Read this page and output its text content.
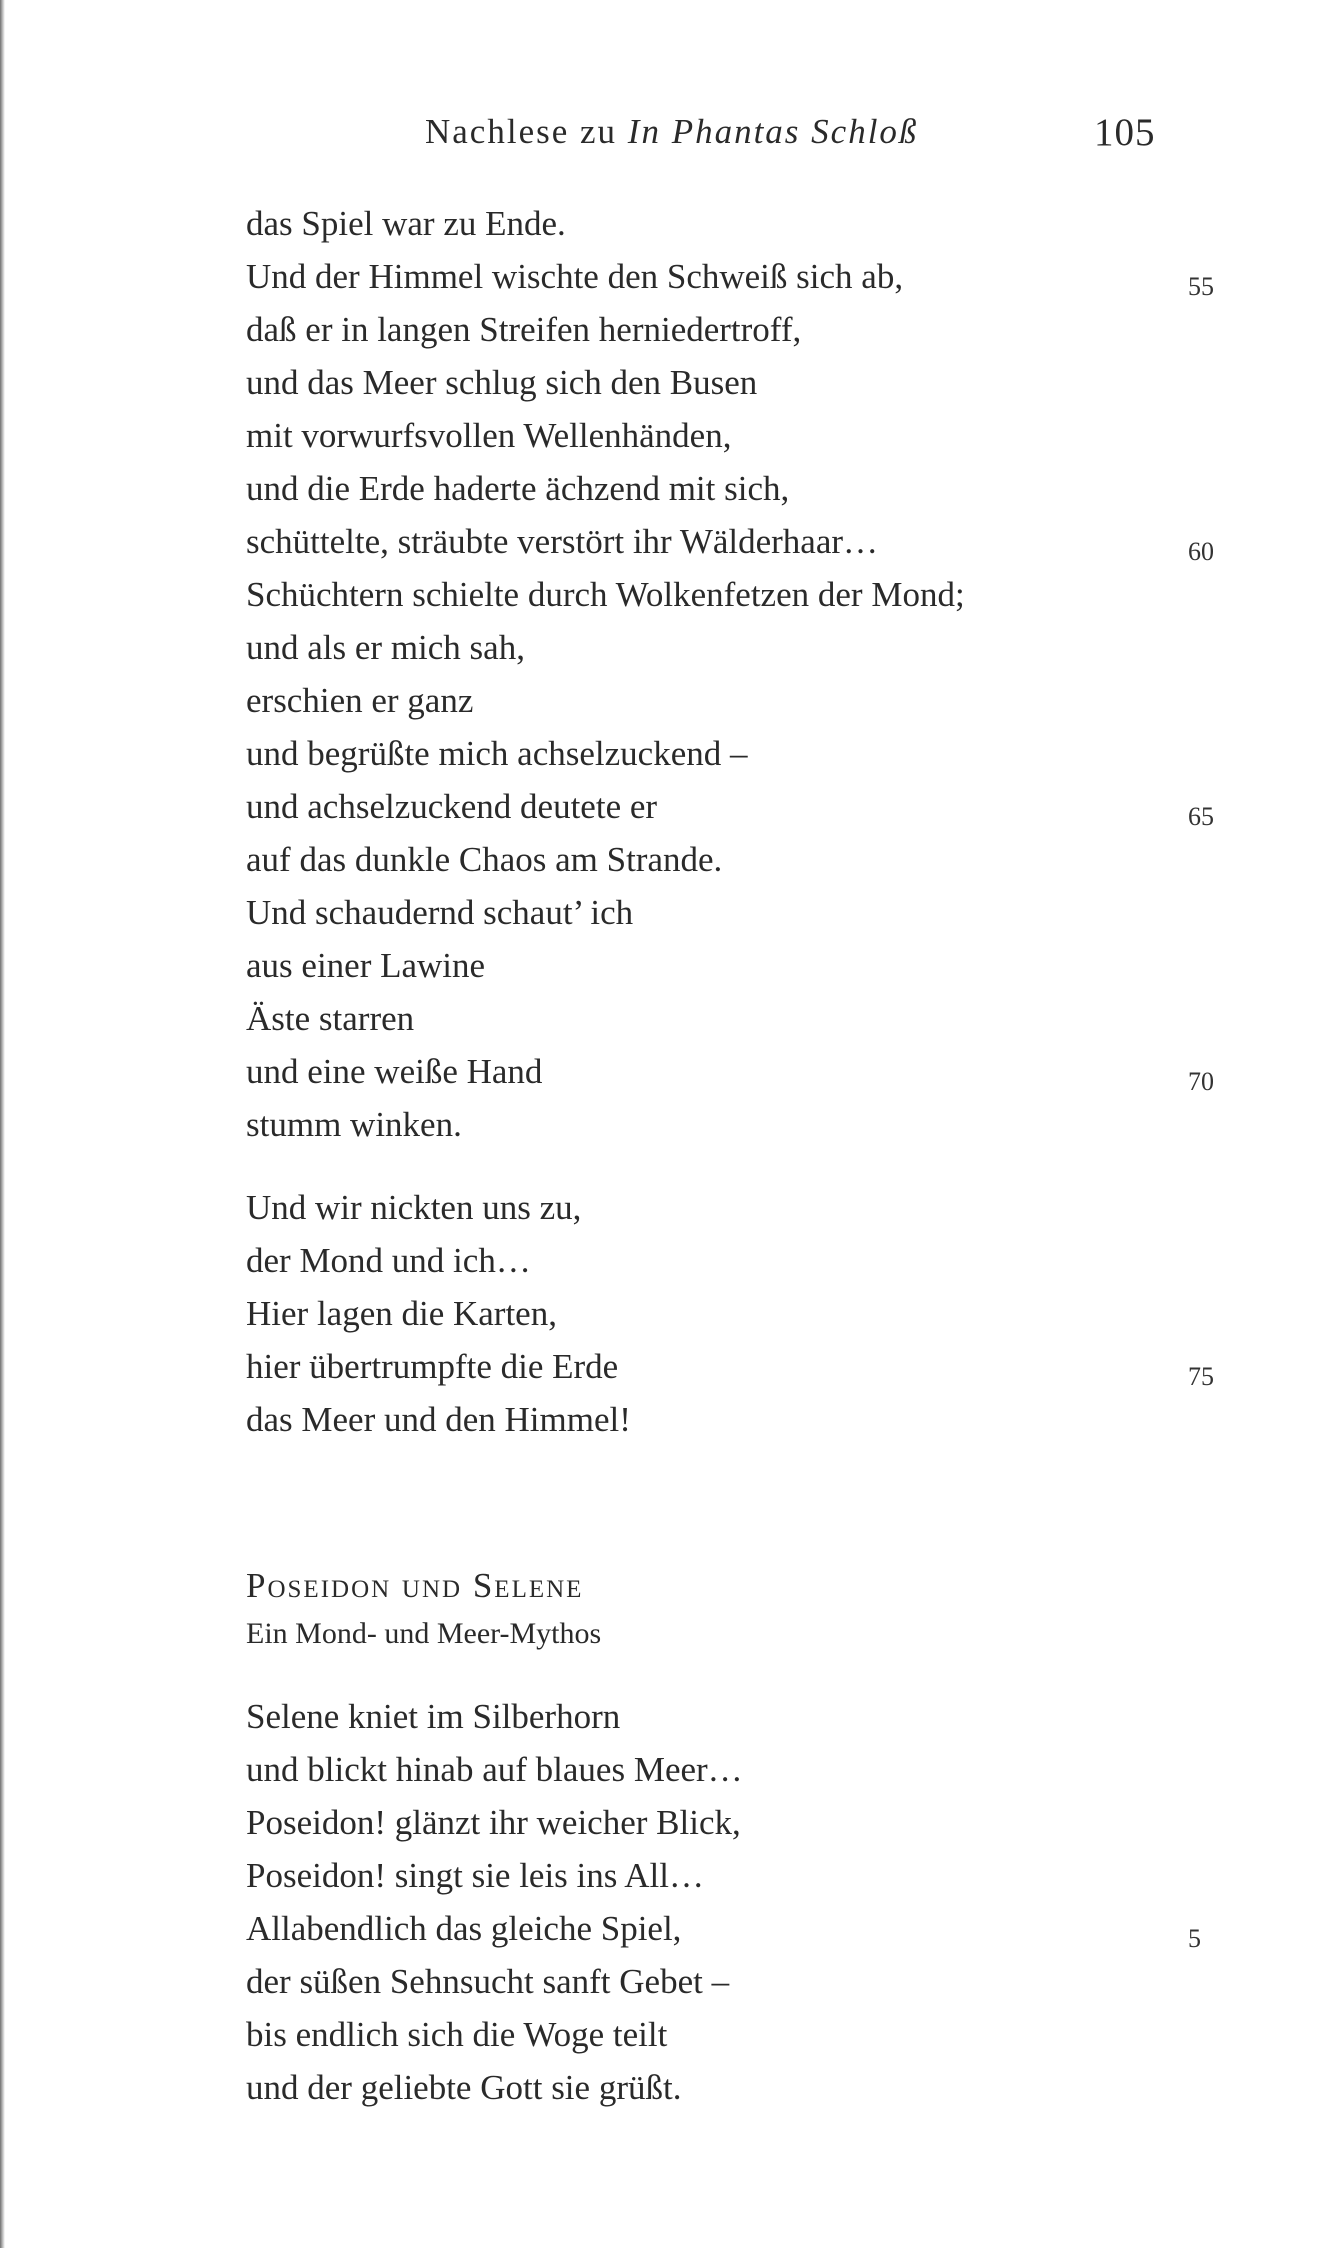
Nachlese zu In Phantas Schloß	105
das Spiel war zu Ende.
Und der Himmel wischte den Schweiß sich ab,	55
daß er in langen Streifen herniedertroff,
und das Meer schlug sich den Busen
mit vorwurfsvollen Wellenhänden,
und die Erde haderte ächzend mit sich,
schüttelte, sträubte verstört ihr Wälderhaar…	60
Schüchtern schielte durch Wolkenfetzen der Mond;
und als er mich sah,
erschien er ganz
und begrüßte mich achselzuckend –
und achselzuckend deutete er	65
auf das dunkle Chaos am Strande.
Und schaudernd schaut’ ich
aus einer Lawine
Äste starren
und eine weiße Hand	70
stumm winken.
Und wir nickten uns zu,
der Mond und ich…
Hier lagen die Karten,
hier übertrumpfte die Erde	75
das Meer und den Himmel!
Poseidon und Selene
Ein Mond- und Meer-Mythos
Selene kniet im Silberhorn
und blickt hinab auf blaues Meer…
Poseidon! glänzt ihr weicher Blick,
Poseidon! singt sie leis ins All…
Allabendlich das gleiche Spiel,	5
der süßen Sehnsucht sanft Gebet –
bis endlich sich die Woge teilt
und der geliebte Gott sie grüßt.
